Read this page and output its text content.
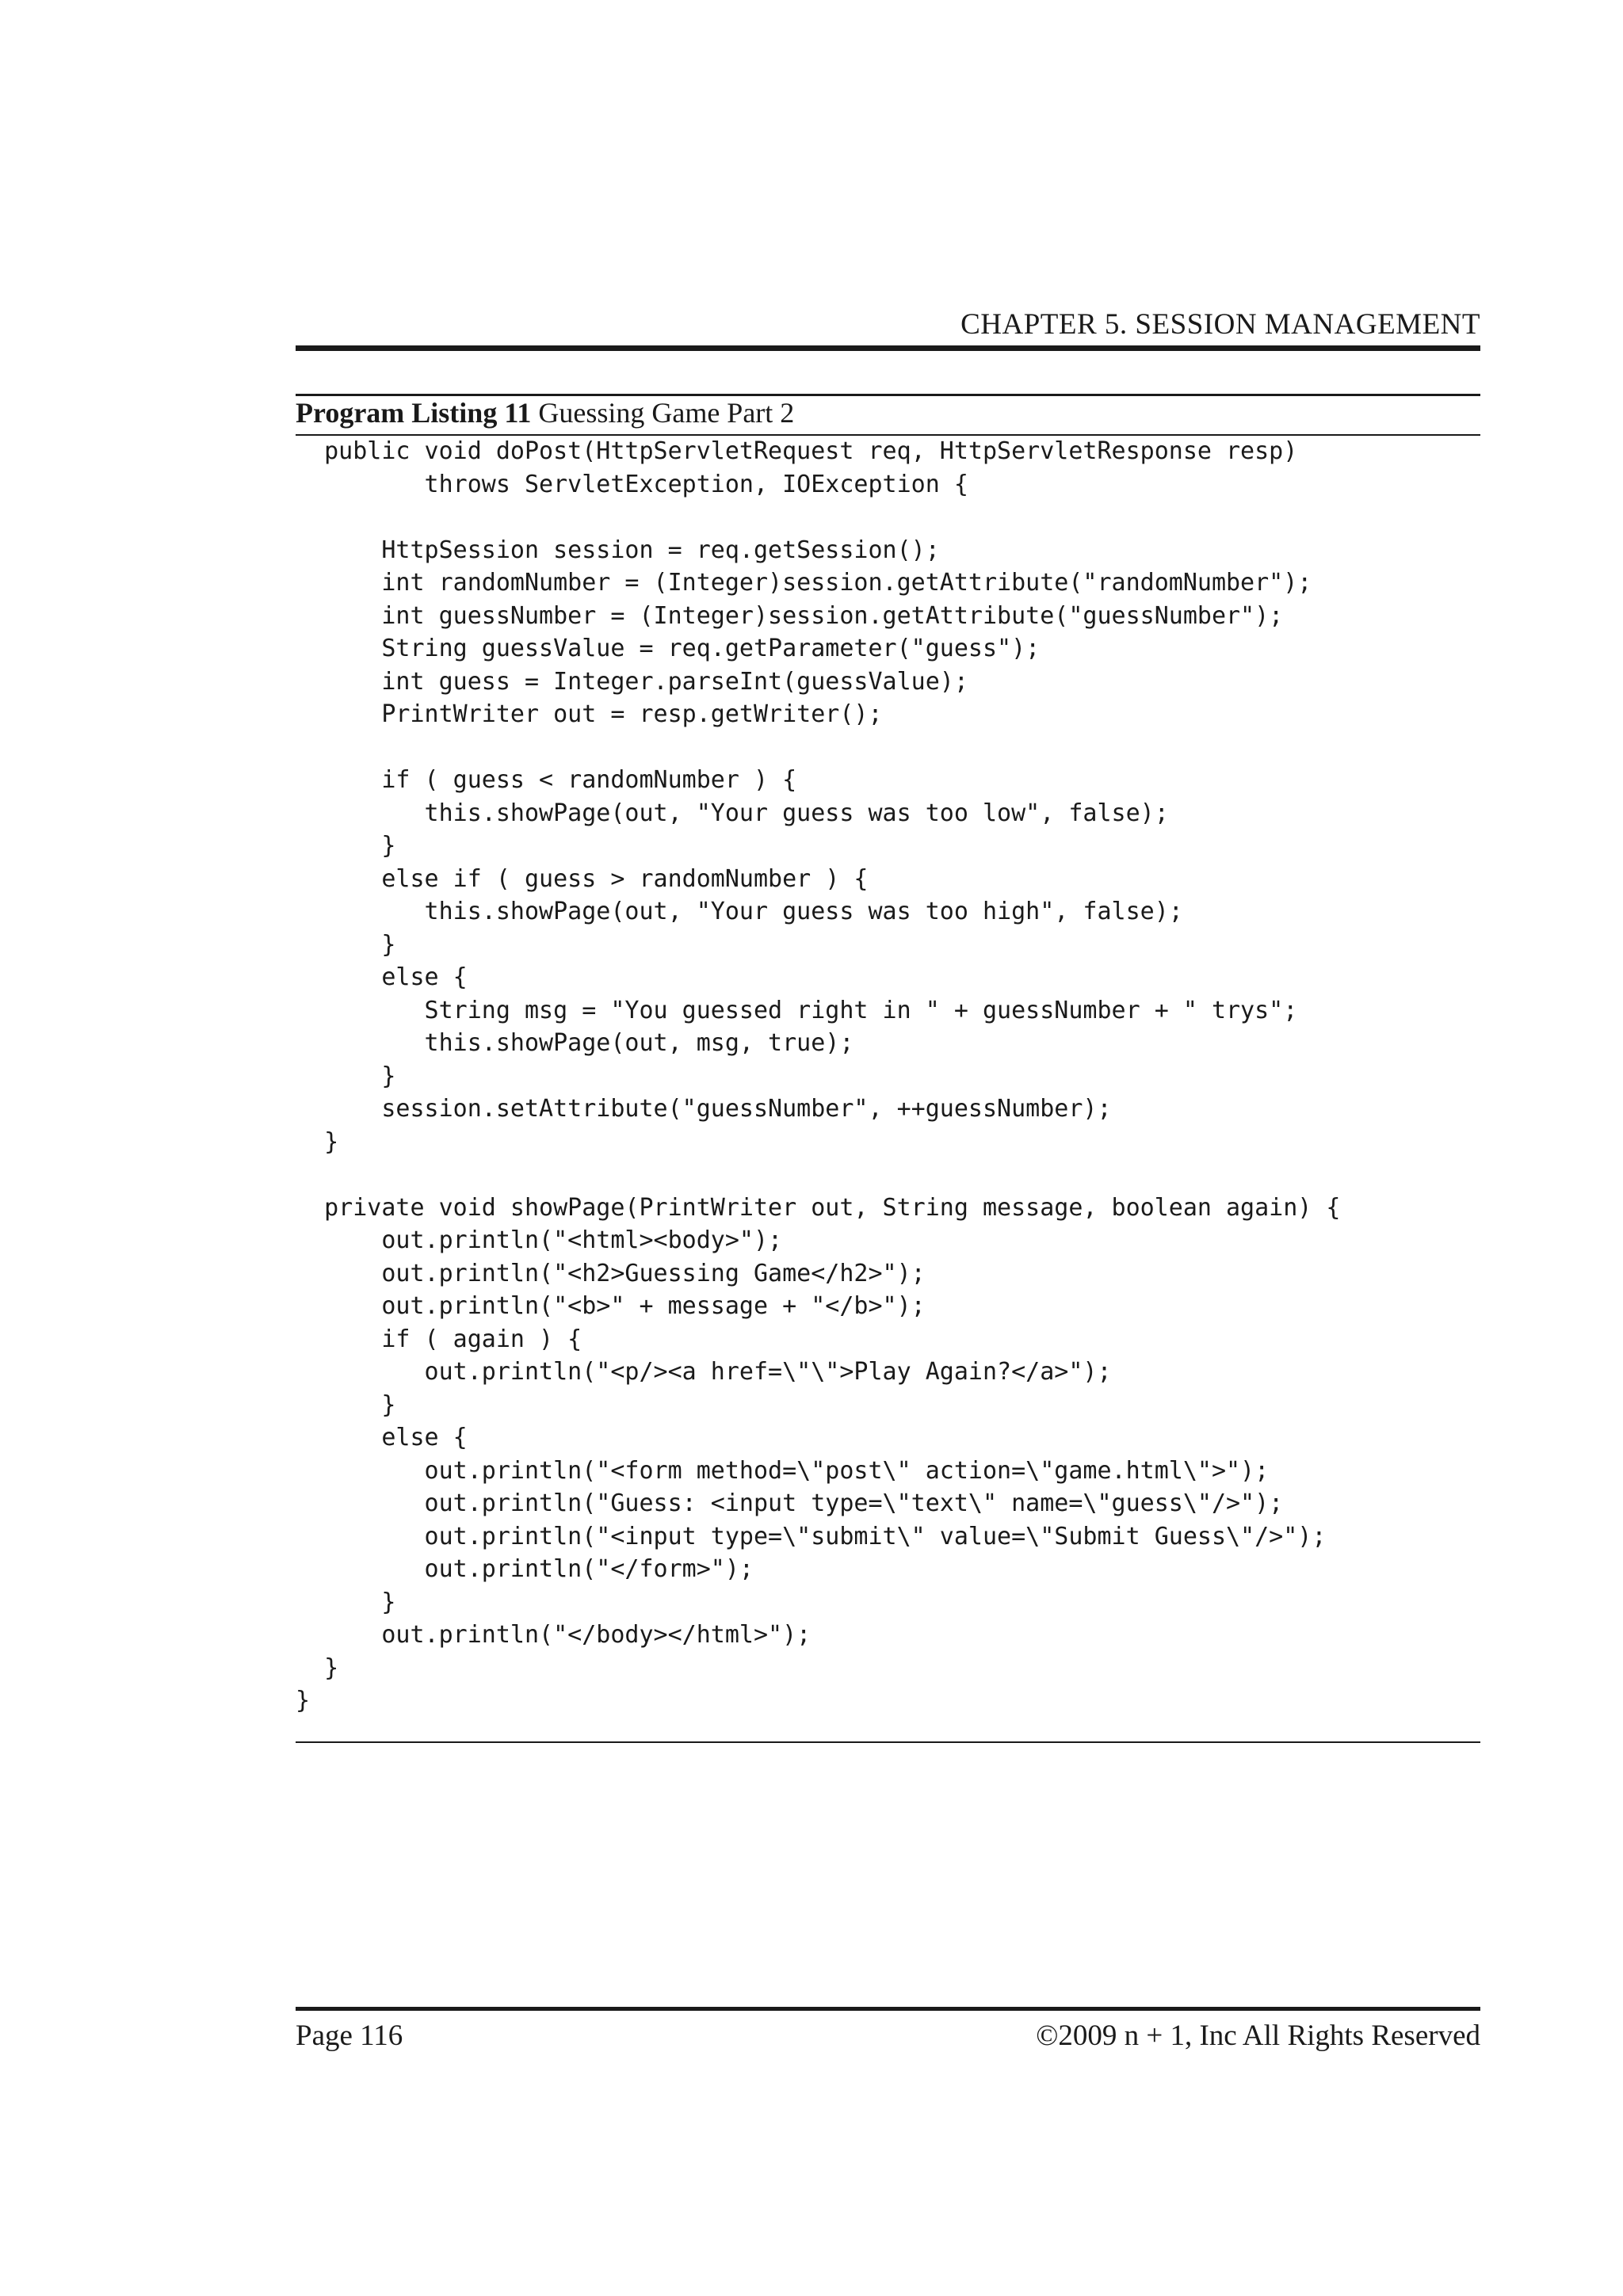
CHAPTER 5. SESSION MANAGEMENT
Program Listing 11 Guessing Game Part 2
public void doPost(HttpServletRequest req, HttpServletResponse resp)
throws ServletException, IOException {
HttpSession session = req.getSession();
int randomNumber = (Integer)session.getAttribute("randomNumber");
int guessNumber = (Integer)session.getAttribute("guessNumber");
String guessValue = req.getParameter("guess");
int guess = Integer.parseInt(guessValue);
PrintWriter out = resp.getWriter();
if ( guess < randomNumber ) {
this.showPage(out, "Your guess was too low", false);
}
else if ( guess > randomNumber ) {
this.showPage(out, "Your guess was too high", false);
}
else {
String msg = "You guessed right in " + guessNumber + " trys";
this.showPage(out, msg, true);
}
session.setAttribute("guessNumber", ++guessNumber);
}
private void showPage(PrintWriter out, String message, boolean again) {
out.println("<html><body>");
out.println("<h2>Guessing Game</h2>");
out.println("<b>" + message + "</b>");
if ( again ) {
out.println("<p/><a href=\"\">Play Again?</a>");
}
else {
out.println("<form method=\"post\" action=\"game.html\">");
out.println("Guess: <input type=\"text\" name=\"guess\"/>");
out.println("<input type=\"submit\" value=\"Submit Guess\"/>");
out.println("</form>");
}
out.println("</body></html>");
}
}
Page 116	©2009 n + 1, Inc All Rights Reserved
